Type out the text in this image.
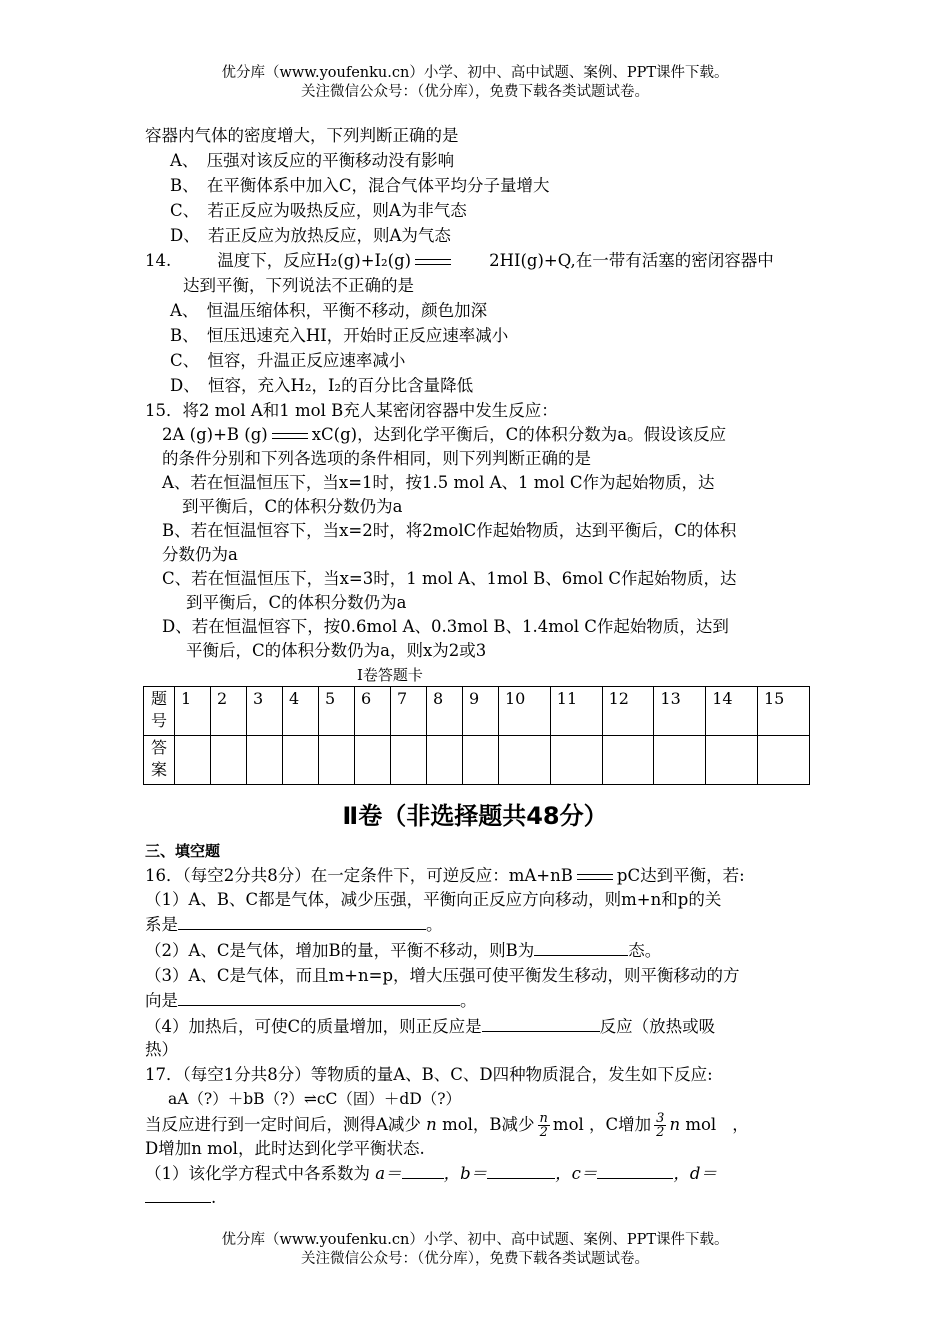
优分库（www.youfenku.cn）小学、初中、高中试题、案例、PPT课件下载。
关注微信公众号：（优分库），免费下载各类试题试卷。
容器内气体的密度增大，下列判断正确的是
A、　压强对该反应的平衡移动没有影响
B、　在平衡体系中加入C，混合气体平均分子量增大
C、　若正反应为吸热反应，则A为非气态
D、　若正反应为放热反应，则A为气态
14.	温度下，反应H₂(g)+I₂(g)	2HI(g)+Q,在一带有活塞的密闭容器中
达到平衡，下列说法不正确的是
A、　恒温压缩体积，平衡不移动，颜色加深
B、　恒压迅速充入HI，开始时正反应速率减小
C、　恒容，升温正反应速率减小
D、　恒容，充入H₂，I₂的百分比含量降低
15．将2 mol A和1 mol B充人某密闭容器中发生反应：
2A (g)+B (g)	xC(g)，达到化学平衡后，C的体积分数为a。假设该反应
的条件分别和下列各选项的条件相同，则下列判断正确的是
A、若在恒温恒压下，当x=1时，按1.5 mol A、1 mol C作为起始物质，达
到平衡后，C的体积分数仍为a
B、若在恒温恒容下，当x=2时，将2molC作起始物质，达到平衡后，C的体积
分数仍为a
C、若在恒温恒压下，当x=3时，1 mol A、1mol B、6mol C作起始物质，达
到平衡后，C的体积分数仍为a
D、若在恒温恒容下，按0.6mol A、0.3mol B、1.4mol C作起始物质，达到
平衡后，C的体积分数仍为a，则x为2或3
I卷答题卡
题号	1	2	3	4	5	6	7	8	9	10	11	12	13	14	15
答案															
Ⅱ卷（非选择题共48分）
三、填空题
16．（每空2分共8分）在一定条件下，可逆反应：mA+nB	pC达到平衡，若:
（1）A、B、C都是气体，减少压强，平衡向正反应方向移动，则m+n和p的关
系是	。
（2）A、C是气体，增加B的量，平衡不移动，则B为	态。
（3）A、C是气体，而且m+n=p，增大压强可使平衡发生移动，则平衡移动的方
向是	。
（4）加热后，可使C的质量增加，则正反应是	反应（放热或吸
热）
17．（每空1分共8分）等物质的量A、B、C、D四种物质混合，发生如下反应:
aA（?）＋bB（?）⇌cC（固）＋dD（?）
当反应进行到一定时间后，测得A减少 n mol，B减少 $\frac{n}{2}$ mol ，C增加 $\frac{3}{2}$ n mol ，
D增加n mol，此时达到化学平衡状态.
（1）该化学方程式中各系数为 a＝	，b＝	，c＝	，d＝
.
优分库（www.youfenku.cn）小学、初中、高中试题、案例、PPT课件下载。
关注微信公众号：（优分库），免费下载各类试题试卷。
